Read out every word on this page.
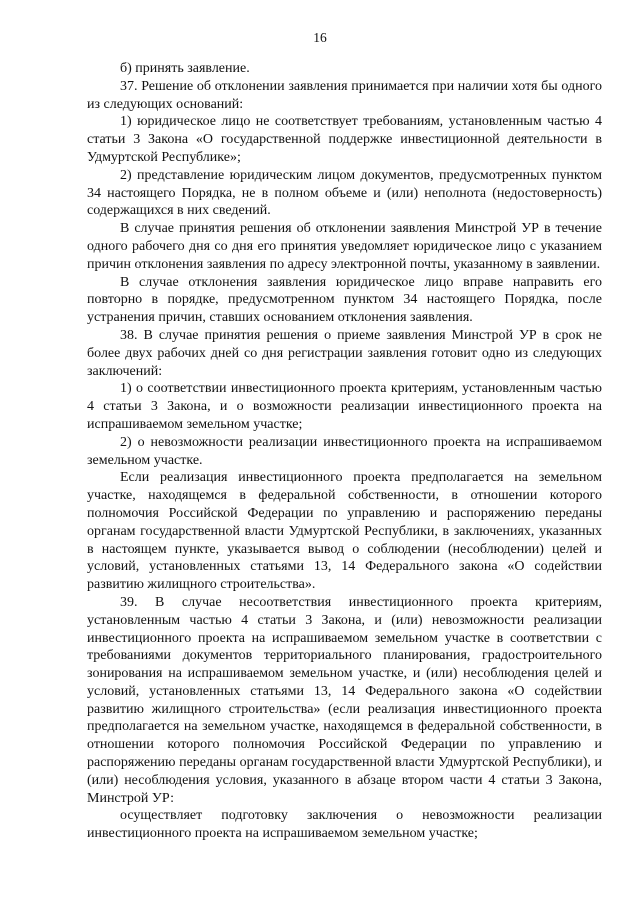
16

б) принять заявление.

37. Решение об отклонении заявления принимается при наличии хотя бы одного из следующих оснований:

1) юридическое лицо не соответствует требованиям, установленным частью 4 статьи 3 Закона «О государственной поддержке инвестиционной деятельности в Удмуртской Республике»;

2) представление юридическим лицом документов, предусмотренных пунктом 34 настоящего Порядка, не в полном объеме и (или) неполнота (недостоверность) содержащихся в них сведений.

В случае принятия решения об отклонении заявления Минстрой УР в течение одного рабочего дня со дня его принятия уведомляет юридическое лицо с указанием причин отклонения заявления по адресу электронной почты, указанному в заявлении.

В случае отклонения заявления юридическое лицо вправе направить его повторно в порядке, предусмотренном пунктом 34 настоящего Порядка, после устранения причин, ставших основанием отклонения заявления.

38. В случае принятия решения о приеме заявления Минстрой УР в срок не более двух рабочих дней со дня регистрации заявления готовит одно из следующих заключений:

1) о соответствии инвестиционного проекта критериям, установленным частью 4 статьи 3 Закона, и о возможности реализации инвестиционного проекта на испрашиваемом земельном участке;

2) о невозможности реализации инвестиционного проекта на испрашиваемом земельном участке.

Если реализация инвестиционного проекта предполагается на земельном участке, находящемся в федеральной собственности, в отношении которого полномочия Российской Федерации по управлению и распоряжению переданы органам государственной власти Удмуртской Республики, в заключениях, указанных в настоящем пункте, указывается вывод о соблюдении (несоблюдении) целей и условий, установленных статьями 13, 14 Федерального закона «О содействии развитию жилищного строительства».

39. В случае несоответствия инвестиционного проекта критериям, установленным частью 4 статьи 3 Закона, и (или) невозможности реализации инвестиционного проекта на испрашиваемом земельном участке в соответствии с требованиями документов территориального планирования, градостроительного зонирования на испрашиваемом земельном участке, и (или) несоблюдения целей и условий, установленных статьями 13, 14 Федерального закона «О содействии развитию жилищного строительства» (если реализация инвестиционного проекта предполагается на земельном участке, находящемся в федеральной собственности, в отношении которого полномочия Российской Федерации по управлению и распоряжению переданы органам государственной власти Удмуртской Республики), и (или) несоблюдения условия, указанного в абзаце втором части 4 статьи 3 Закона, Минстрой УР:

осуществляет подготовку заключения о невозможности реализации инвестиционного проекта на испрашиваемом земельном участке;
